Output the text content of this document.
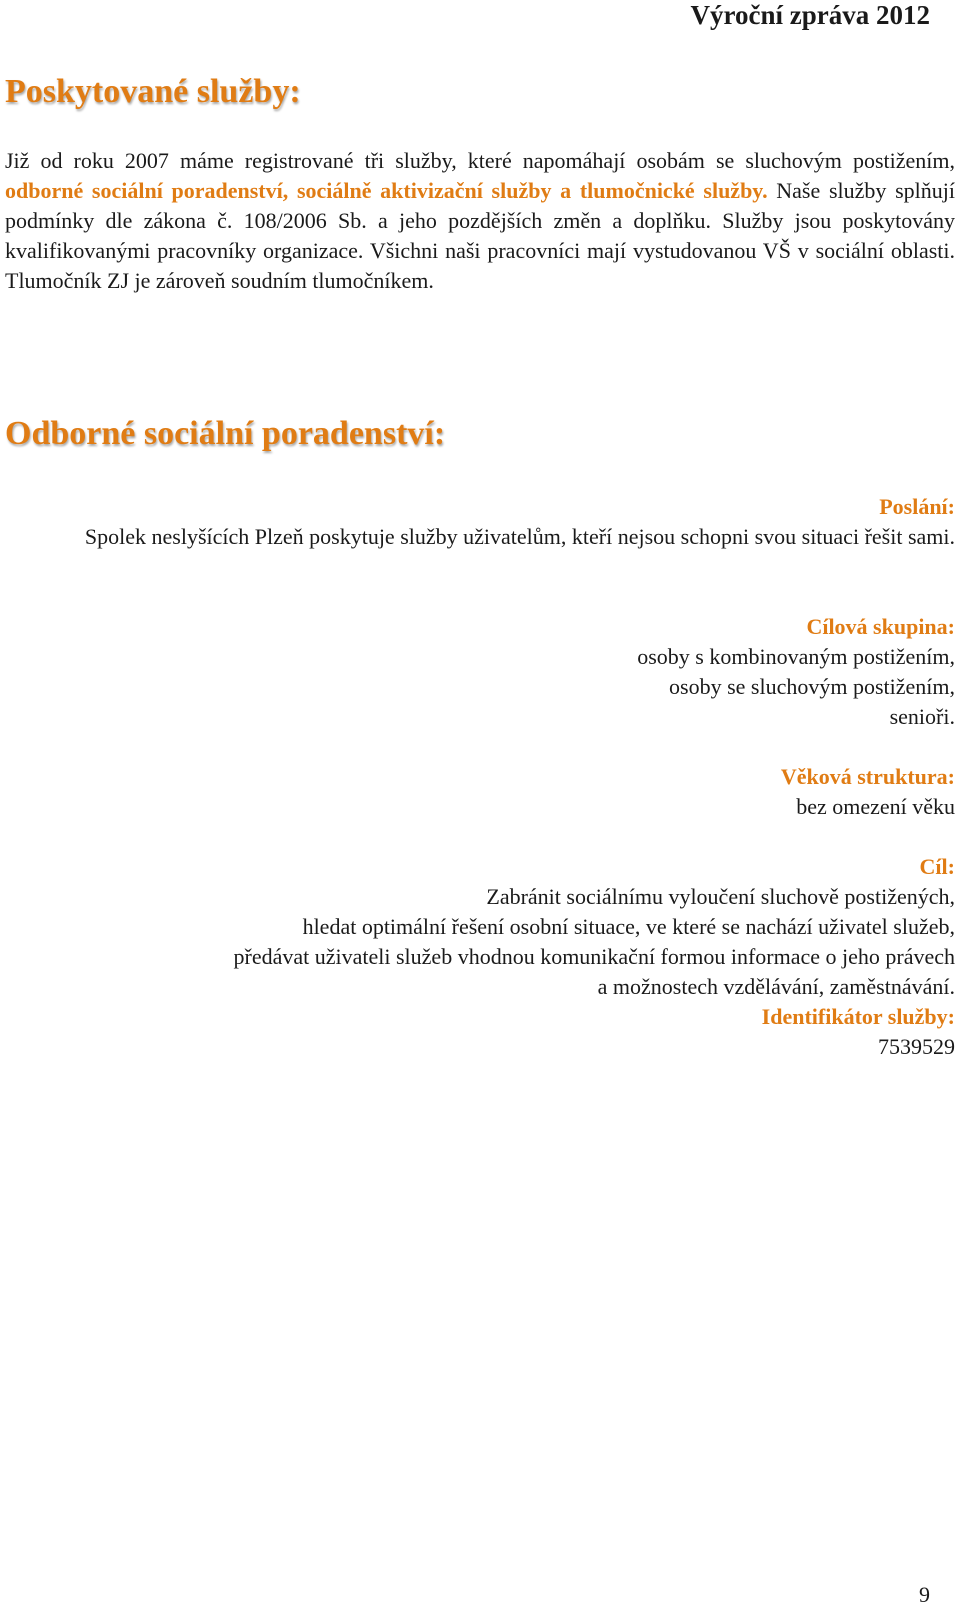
Výroční zpráva 2012
Poskytované služby:

Již od roku 2007 máme registrované tři služby, které napomáhají osobám se sluchovým postižením, odborné sociální poradenství, sociálně aktivizační služby a tlumočnické služby. Naše služby splňují podmínky dle zákona č. 108/2006 Sb. a jeho pozdějších změn a doplňku. Služby jsou poskytovány kvalifikovanými pracovníky organizace. Všichni naši pracovníci mají vystudovanou VŠ v sociální oblasti. Tlumočník ZJ je zároveň soudním tlumočníkem.

Odborné sociální poradenství:
Poslání:
Spolek neslyšících Plzeň poskytuje služby uživatelům, kteří nejsou schopni svou situaci řešit sami.
Cílová skupina:
osoby s kombinovaným postižením,
osoby se sluchovým postižením,
senioři.
Věková struktura:
bez omezení věku
Cíl:
Zabránit sociálnímu vyloučení sluchově postižených,
hledat optimální řešení osobní situace, ve které se nachází uživatel služeb,
předávat uživateli služeb vhodnou komunikační formou informace o jeho právech
a možnostech vzdělávání, zaměstnávání.
Identifikátor služby:
7539529
9
